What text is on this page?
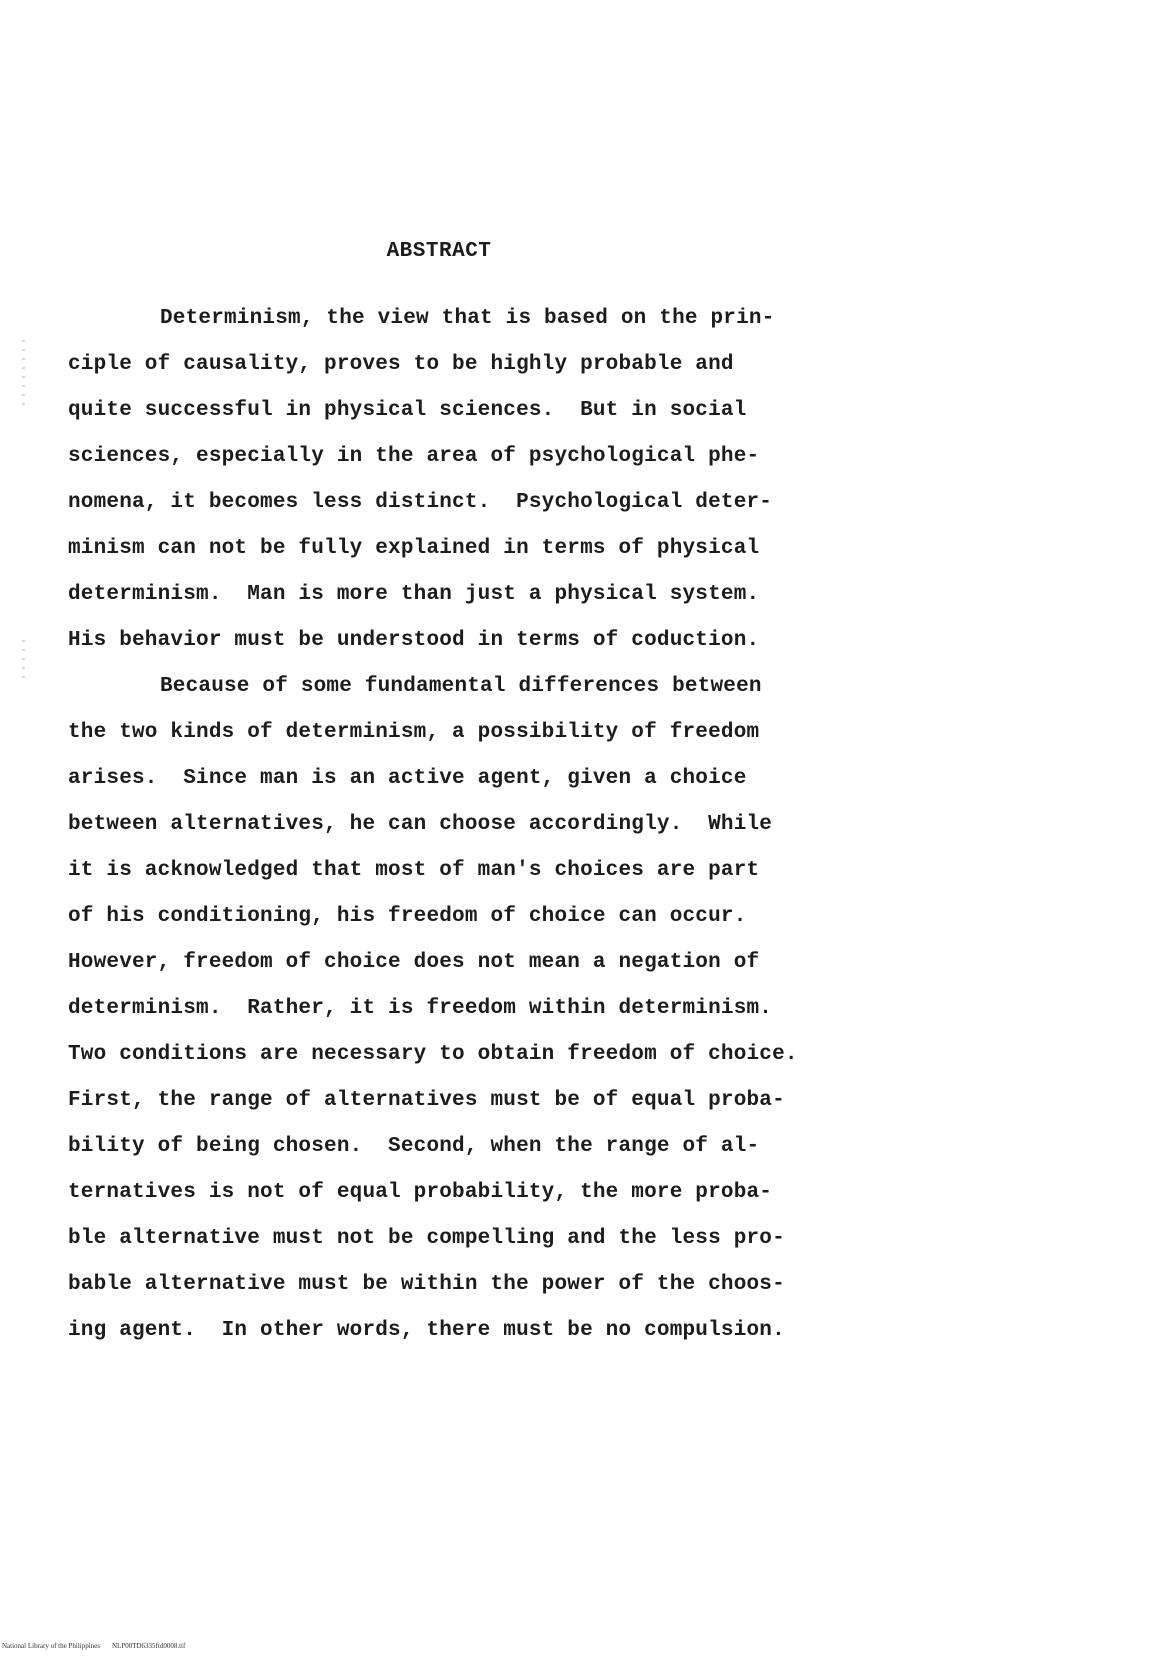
ABSTRACT
Determinism, the view that is based on the prin-
ciple of causality, proves to be highly probable and
quite successful in physical sciences.  But in social
sciences, especially in the area of psychological phe-
nomena, it becomes less distinct.  Psychological deter-
minism can not be fully explained in terms of physical
determinism.  Man is more than just a physical system.
His behavior must be understood in terms of coduction.
Because of some fundamental differences between
the two kinds of determinism, a possibility of freedom
arises.  Since man is an active agent, given a choice
between alternatives, he can choose accordingly.  While
it is acknowledged that most of man's choices are part
of his conditioning, his freedom of choice can occur.
However, freedom of choice does not mean a negation of
determinism.  Rather, it is freedom within determinism.
Two conditions are necessary to obtain freedom of choice.
First, the range of alternatives must be of equal proba-
bility of being chosen.  Second, when the range of al-
ternatives is not of equal probability, the more proba-
ble alternative must not be compelling and the less pro-
bable alternative must be within the power of the choos-
ing agent.  In other words, there must be no compulsion.
National Library of the Philippines NLP00TD6335ftd0008.tif
